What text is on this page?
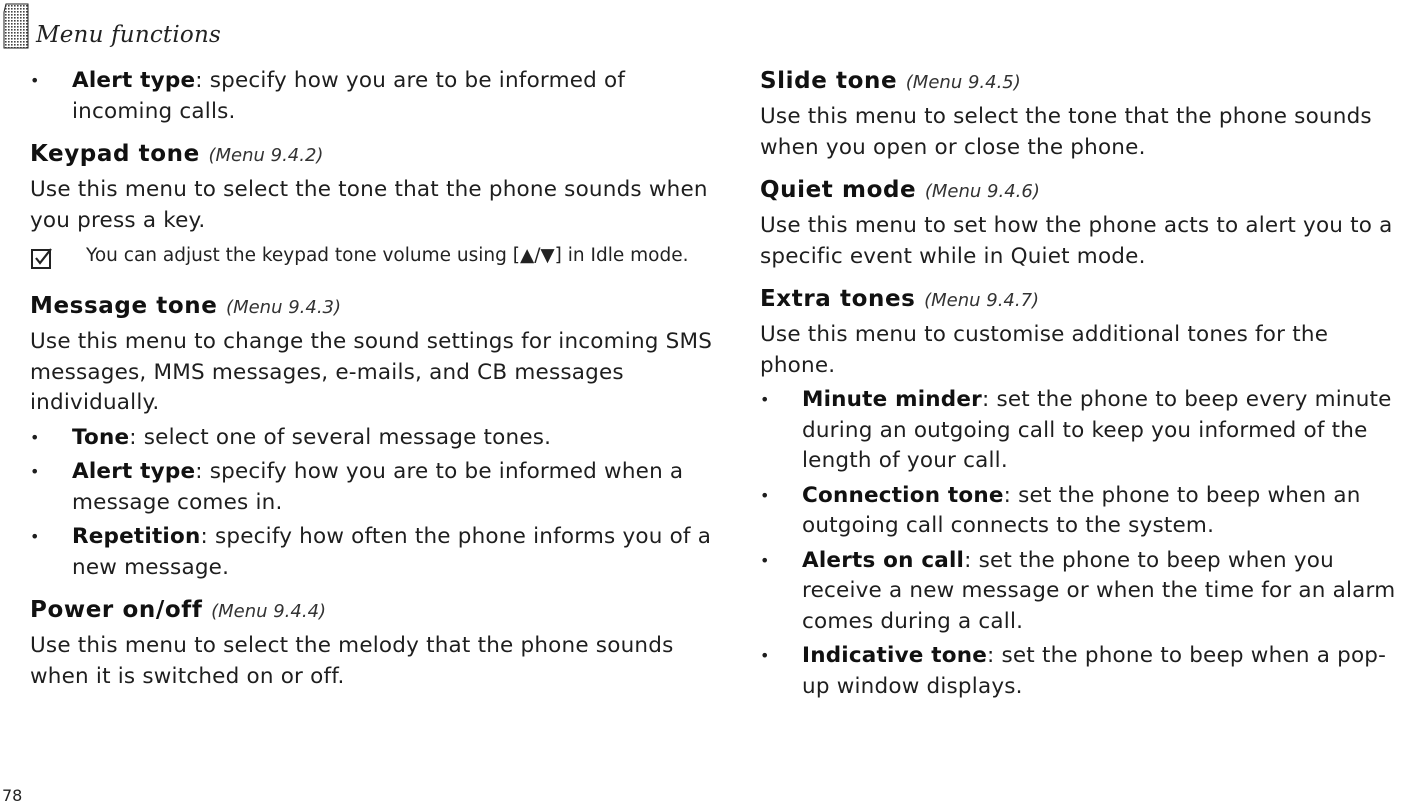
Menu functions
•	Alert type: specify how you are to be informed of incoming calls.
Keypad tone (Menu 9.4.2)

Use this menu to select the tone that the phone sounds when you press a key.

You can adjust the keypad tone volume using [▲/▼] in Idle mode.
Message tone (Menu 9.4.3)

Use this menu to change the sound settings for incoming SMS messages, MMS messages, e-mails, and CB messages individually.

•	Tone: select one of several message tones.
•	Alert type: specify how you are to be informed when a message comes in.
•	Repetition: specify how often the phone informs you of a new message.
Power on/off (Menu 9.4.4)

Use this menu to select the melody that the phone sounds when it is switched on or off.

Slide tone (Menu 9.4.5)

Use this menu to select the tone that the phone sounds when you open or close the phone.

Quiet mode (Menu 9.4.6)

Use this menu to set how the phone acts to alert you to a specific event while in Quiet mode.

Extra tones (Menu 9.4.7)

Use this menu to customise additional tones for the phone.

•	Minute minder: set the phone to beep every minute during an outgoing call to keep you informed of the length of your call.
•	Connection tone: set the phone to beep when an outgoing call connects to the system.
•	Alerts on call: set the phone to beep when you receive a new message or when the time for an alarm comes during a call.
•	Indicative tone: set the phone to beep when a pop-up window displays.
78
